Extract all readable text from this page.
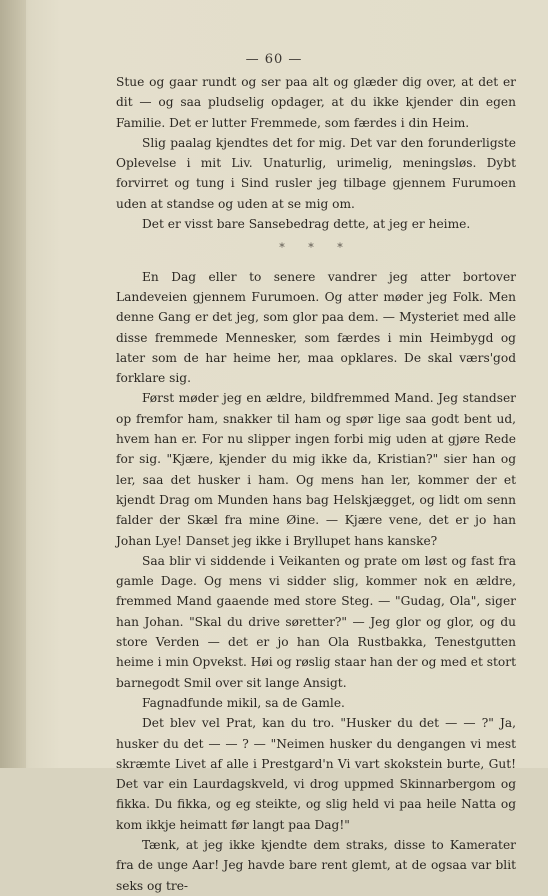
— 60 —

Stue og gaar rundt og ser paa alt og glæder dig over, at det er dit — og saa pludselig opdager, at du ikke kjender din egen Familie. Det er lutter Fremmede, som færdes i din Heim.

Slig paalag kjendtes det for mig. Det var den forunderligste Oplevelse i mit Liv. Unaturlig, urimelig, meningsløs. Dybt forvirret og tung i Sind rusler jeg tilbage gjennem Furumoen uden at standse og uden at se mig om.

Det er visst bare Sansebedrag dette, at jeg er heime.

* * *

En Dag eller to senere vandrer jeg atter bortover Landeveien gjennem Furumoen. Og atter møder jeg Folk. Men denne Gang er det jeg, som glor paa dem. — Mysteriet med alle disse fremmede Mennesker, som færdes i min Heimbygd og later som de har heime her, maa opklares. De skal værs'god forklare sig.

Først møder jeg en ældre, bildfremmed Mand. Jeg standser op fremfor ham, snakker til ham og spør lige saa godt bent ud, hvem han er. For nu slipper ingen forbi mig uden at gjøre Rede for sig. "Kjære, kjender du mig ikke da, Kristian?" sier han og ler, saa det husker i ham. Og mens han ler, kommer der et kjendt Drag om Munden hans bag Helskjægget, og lidt om senn falder der Skæl fra mine Øine. — Kjære vene, det er jo han Johan Lye! Danset jeg ikke i Bryllupet hans kanske?

Saa blir vi siddende i Veikanten og prate om løst og fast fra gamle Dage. Og mens vi sidder slig, kommer nok en ældre, fremmed Mand gaaende med store Steg. — "Gudag, Ola", siger han Johan. "Skal du drive søretter?" — Jeg glor og glor, og du store Verden — det er jo han Ola Rustbakka, Tenestgutten heime i min Opvekst. Høi og røslig staar han der og med et stort barnegodt Smil over sit lange Ansigt.

Fagnadfunde mikil, sa de Gamle.

Det blev vel Prat, kan du tro. "Husker du det — — ?" Ja, husker du det — — ? — "Neimen husker du dengangen vi mest skræmte Livet af alle i Prestgard'n Vi vart skokstein burte, Gut! Det var ein Laurdagskveld, vi drog uppmed Skinnarbergom og fikka. Du fikka, og eg steikte, og slig held vi paa heile Natta og kom ikkje heimatt før langt paa Dag!"

Tænk, at jeg ikke kjendte dem straks, disse to Kamerater fra de unge Aar! Jeg havde bare rent glemt, at de ogsaa var blit seks og tre-
